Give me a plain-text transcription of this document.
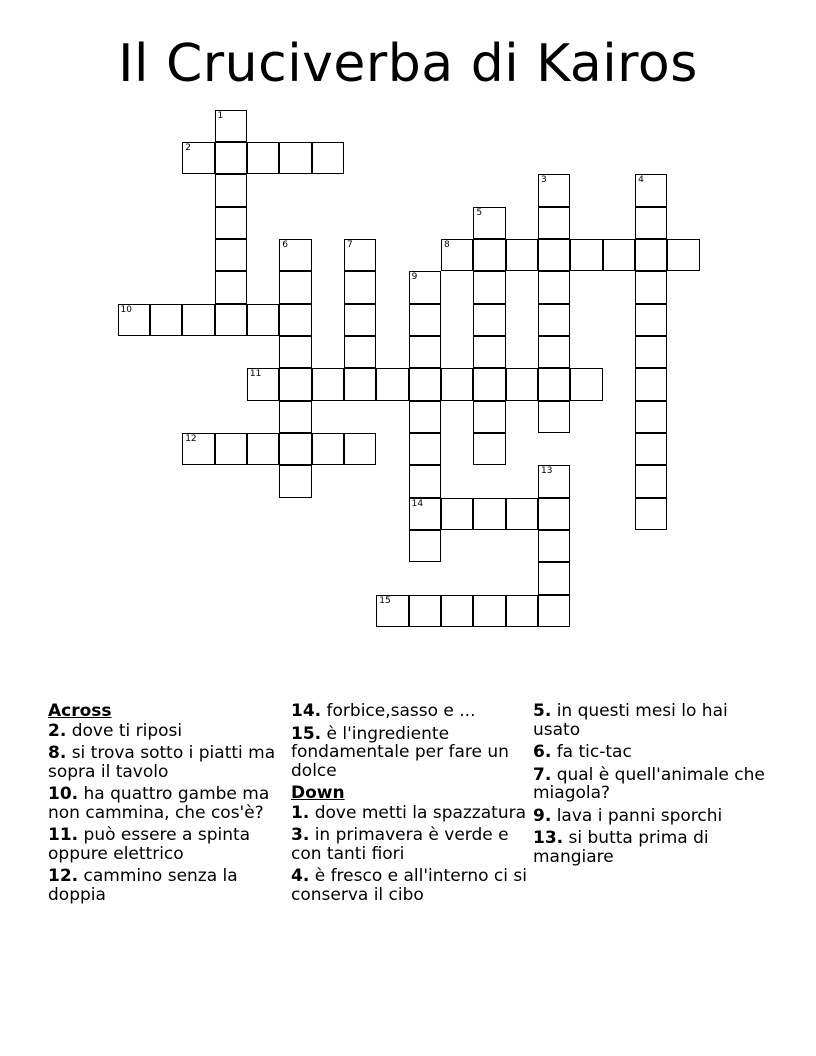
Il Cruciverba di Kairos
1
2
3	4
5
6	7	8
9
14
10
11
12
13
15
Across
2. dove ti riposi
8. si trova sotto i piatti ma sopra il tavolo
10. ha quattro gambe ma non cammina, che cos'è?
11. può essere a spinta oppure elettrico
12. cammino senza la doppia
14. forbice,sasso e ...
15. è l'ingrediente fondamentale per fare un dolce
Down
1. dove metti la spazzatura
3. in primavera è verde e con tanti fiori
4. è fresco e all'interno ci si conserva il cibo
5. in questi mesi lo hai usato
6. fa tic-tac
7. qual è quell'animale che miagola?
9. lava i panni sporchi
13. si butta prima di mangiare
